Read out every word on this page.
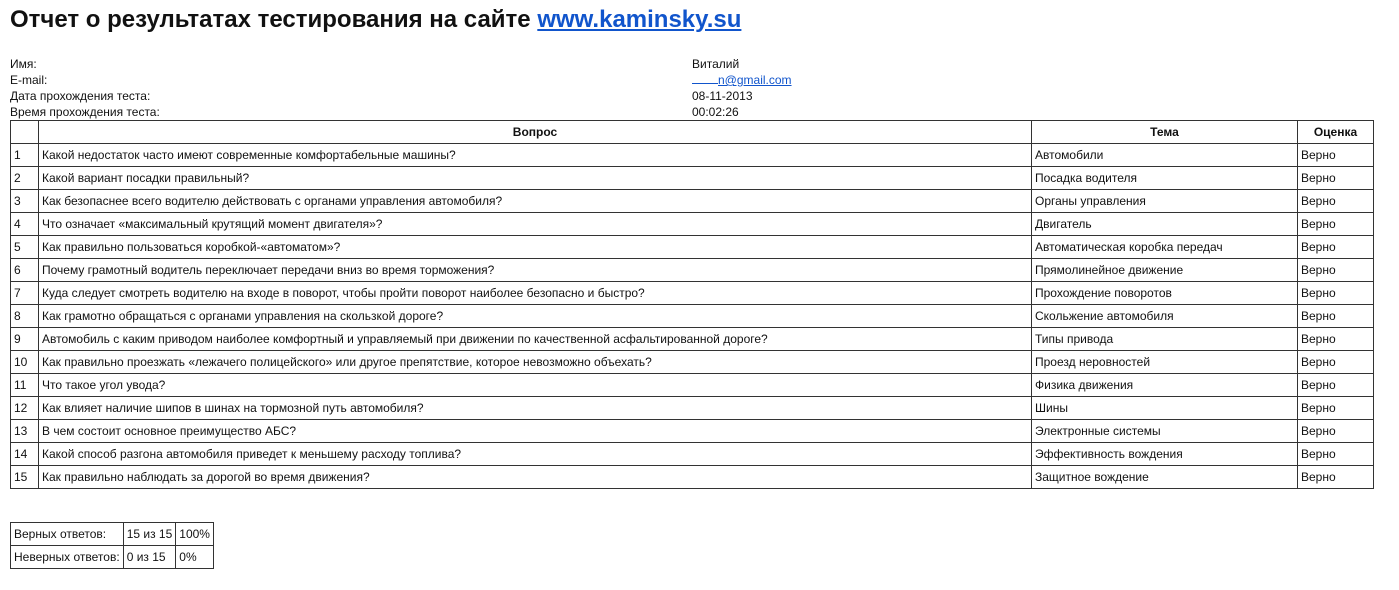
Отчет о результатах тестирования на сайте www.kaminsky.su
Имя:	Виталий
E-mail:	n@gmail.com
Дата прохождения теста:	08-11-2013
Время прохождения теста:	00:02:26
	Вопрос	Тема	Оценка
1	Какой недостаток часто имеют современные комфортабельные машины?	Автомобили	Верно
2	Какой вариант посадки правильный?	Посадка водителя	Верно
3	Как безопаснее всего водителю действовать с органами управления автомобиля?	Органы управления	Верно
4	Что означает «максимальный крутящий момент двигателя»?	Двигатель	Верно
5	Как правильно пользоваться коробкой-«автоматом»?	Автоматическая коробка передач	Верно
6	Почему грамотный водитель переключает передачи вниз во время торможения?	Прямолинейное движение	Верно
7	Куда следует смотреть водителю на входе в поворот, чтобы пройти поворот наиболее безопасно и быстро?	Прохождение поворотов	Верно
8	Как грамотно обращаться с органами управления на скользкой дороге?	Скольжение автомобиля	Верно
9	Автомобиль с каким приводом наиболее комфортный и управляемый при движении по качественной асфальтированной дороге?	Типы привода	Верно
10	Как правильно проезжать «лежачего полицейского» или другое препятствие, которое невозможно объехать?	Проезд неровностей	Верно
11	Что такое угол увода?	Физика движения	Верно
12	Как влияет наличие шипов в шинах на тормозной путь автомобиля?	Шины	Верно
13	В чем состоит основное преимущество АБС?	Электронные системы	Верно
14	Какой способ разгона автомобиля приведет к меньшему расходу топлива?	Эффективность вождения	Верно
15	Как правильно наблюдать за дорогой во время движения?	Защитное вождение	Верно
Верных ответов:	15 из 15	100%
Неверных ответов:	0 из 15	0%
